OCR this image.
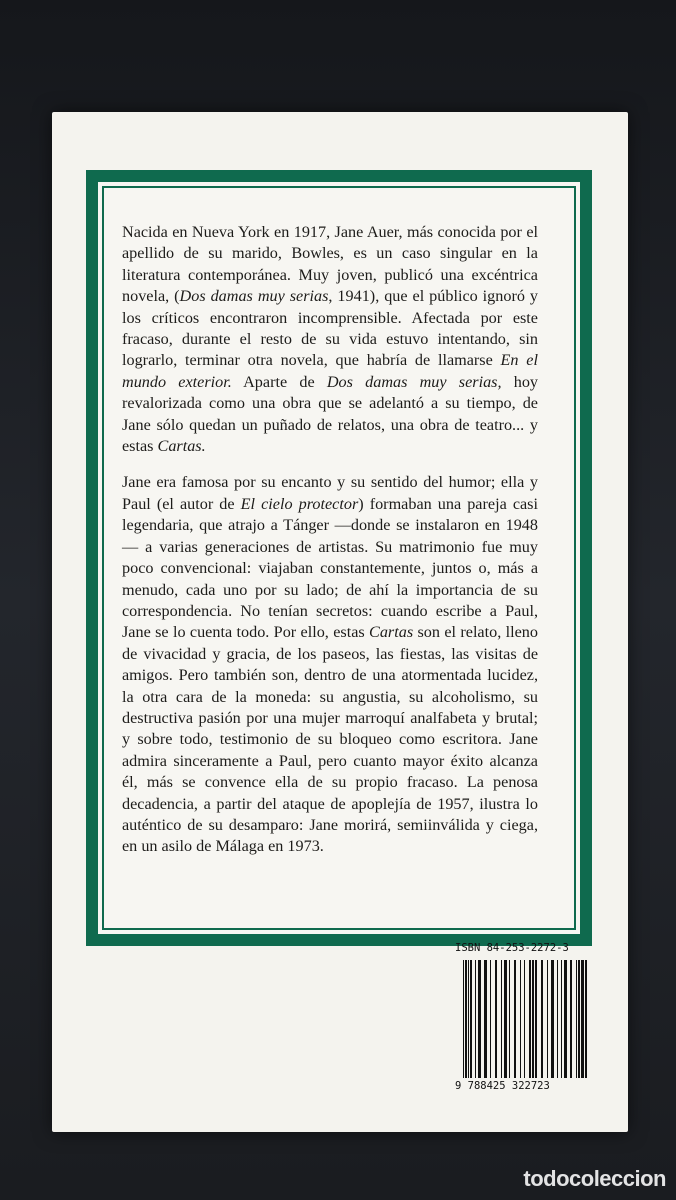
Nacida en Nueva York en 1917, Jane Auer, más conocida por el apellido de su marido, Bowles, es un caso singular en la literatura contemporánea. Muy joven, publicó una excéntrica novela, (Dos damas muy serias, 1941), que el público ignoró y los críticos encontraron incomprensible. Afectada por este fracaso, durante el resto de su vida estuvo intentando, sin lograrlo, terminar otra novela, que habría de llamarse En el mundo exterior. Aparte de Dos damas muy serias, hoy revalorizada como una obra que se adelantó a su tiempo, de Jane sólo quedan un puñado de relatos, una obra de teatro... y estas Cartas.

Jane era famosa por su encanto y su sentido del humor; ella y Paul (el autor de El cielo protector) formaban una pareja casi legendaria, que atrajo a Tánger —donde se instalaron en 1948— a varias generaciones de artistas. Su matrimonio fue muy poco convencional: viajaban constantemente, juntos o, más a menudo, cada uno por su lado; de ahí la importancia de su correspondencia. No tenían secretos: cuando escribe a Paul, Jane se lo cuenta todo. Por ello, estas Cartas son el relato, lleno de vivacidad y gracia, de los paseos, las fiestas, las visitas de amigos. Pero también son, dentro de una atormentada lucidez, la otra cara de la moneda: su angustia, su alcoholismo, su destructiva pasión por una mujer marroquí analfabeta y brutal; y sobre todo, testimonio de su bloqueo como escritora. Jane admira sinceramente a Paul, pero cuanto mayor éxito alcanza él, más se convence ella de su propio fracaso. La penosa decadencia, a partir del ataque de apoplejía de 1957, ilustra lo auténtico de su desamparo: Jane morirá, semiinválida y ciega, en un asilo de Málaga en 1973.

ISBN 84-253-2272-3
9 788425 322723
todocoleccion
